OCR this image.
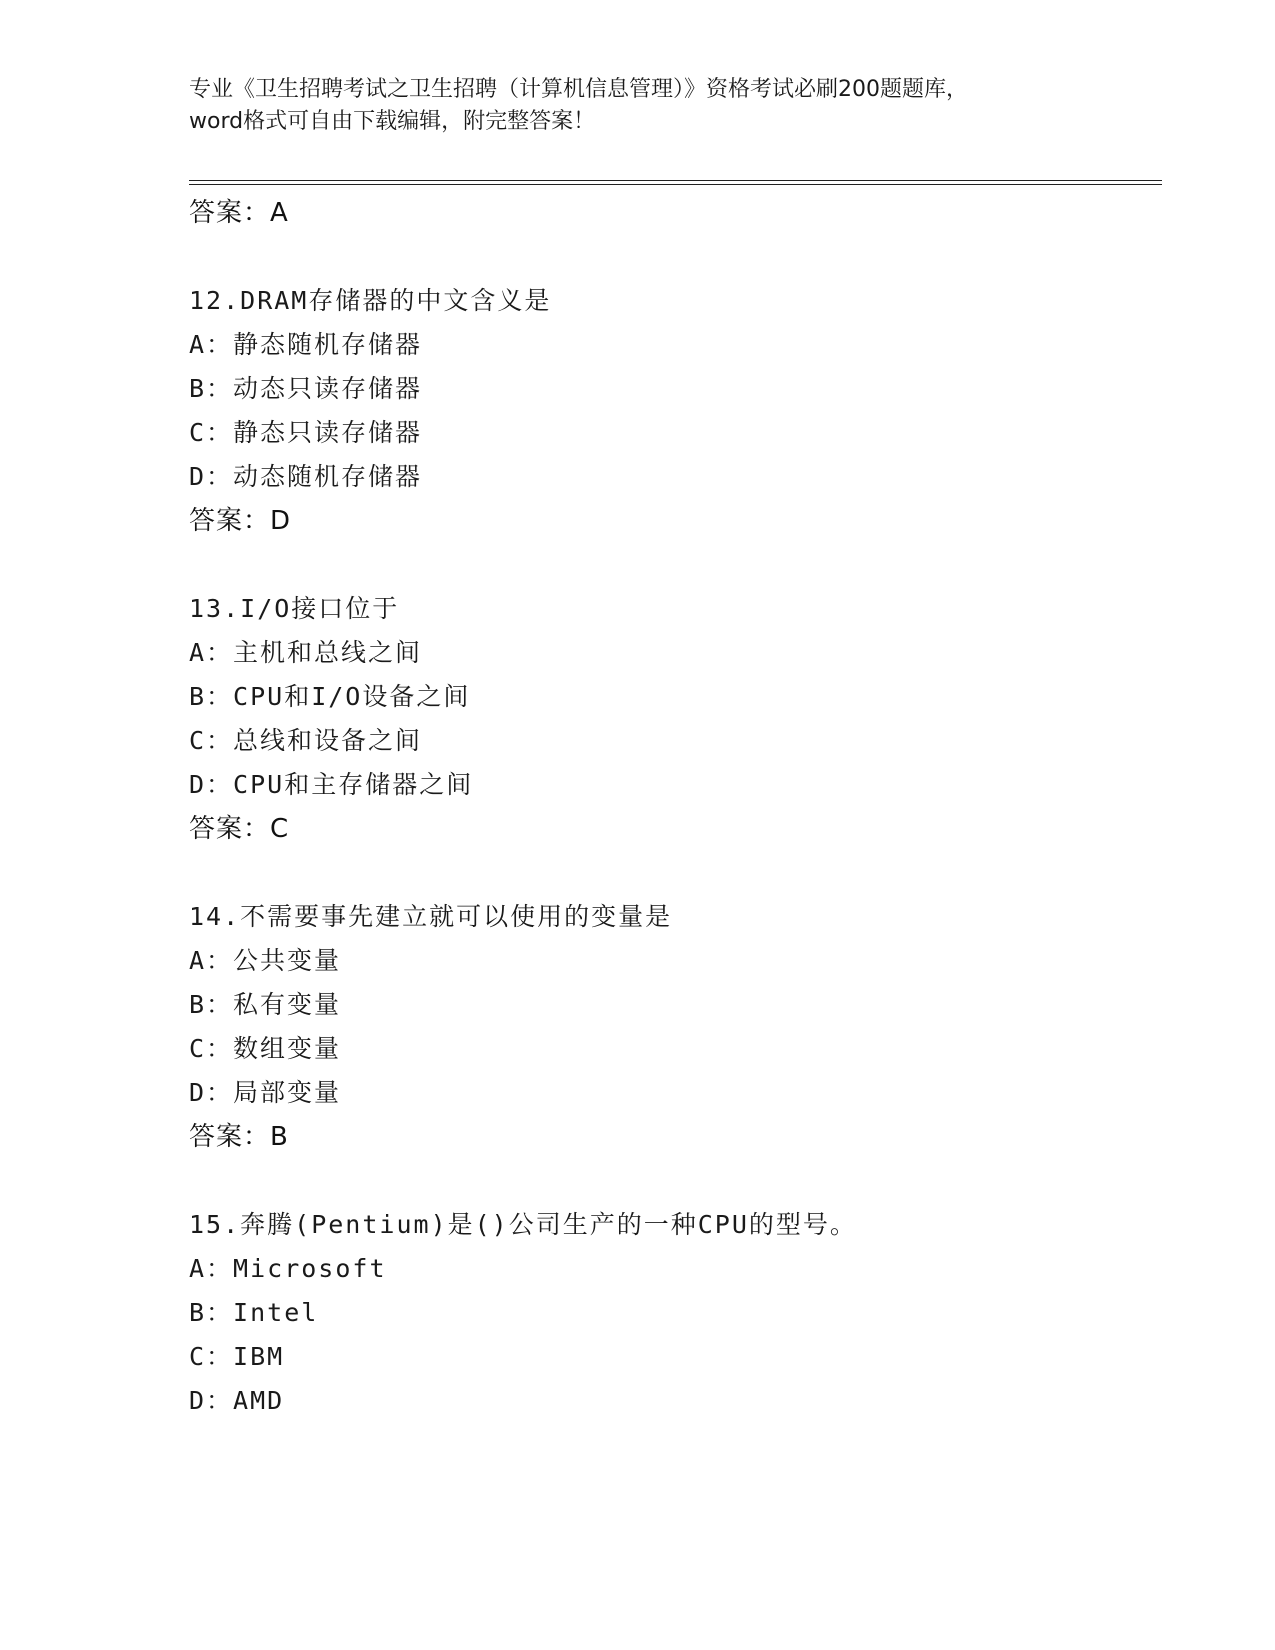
专业《卫生招聘考试之卫生招聘（计算机信息管理）》资格考试必刷200题题库，
word格式可自由下载编辑，附完整答案！
答案：A
12.DRAM存储器的中文含义是
A：静态随机存储器
B：动态只读存储器
C：静态只读存储器
D：动态随机存储器
答案：D
13.I/O接口位于
A：主机和总线之间
B：CPU和I/O设备之间
C：总线和设备之间
D：CPU和主存储器之间
答案：C
14.不需要事先建立就可以使用的变量是
A：公共变量
B：私有变量
C：数组变量
D：局部变量
答案：B
15.奔腾(Pentium)是()公司生产的一种CPU的型号。
A：Microsoft
B：Intel
C：IBM
D：AMD
